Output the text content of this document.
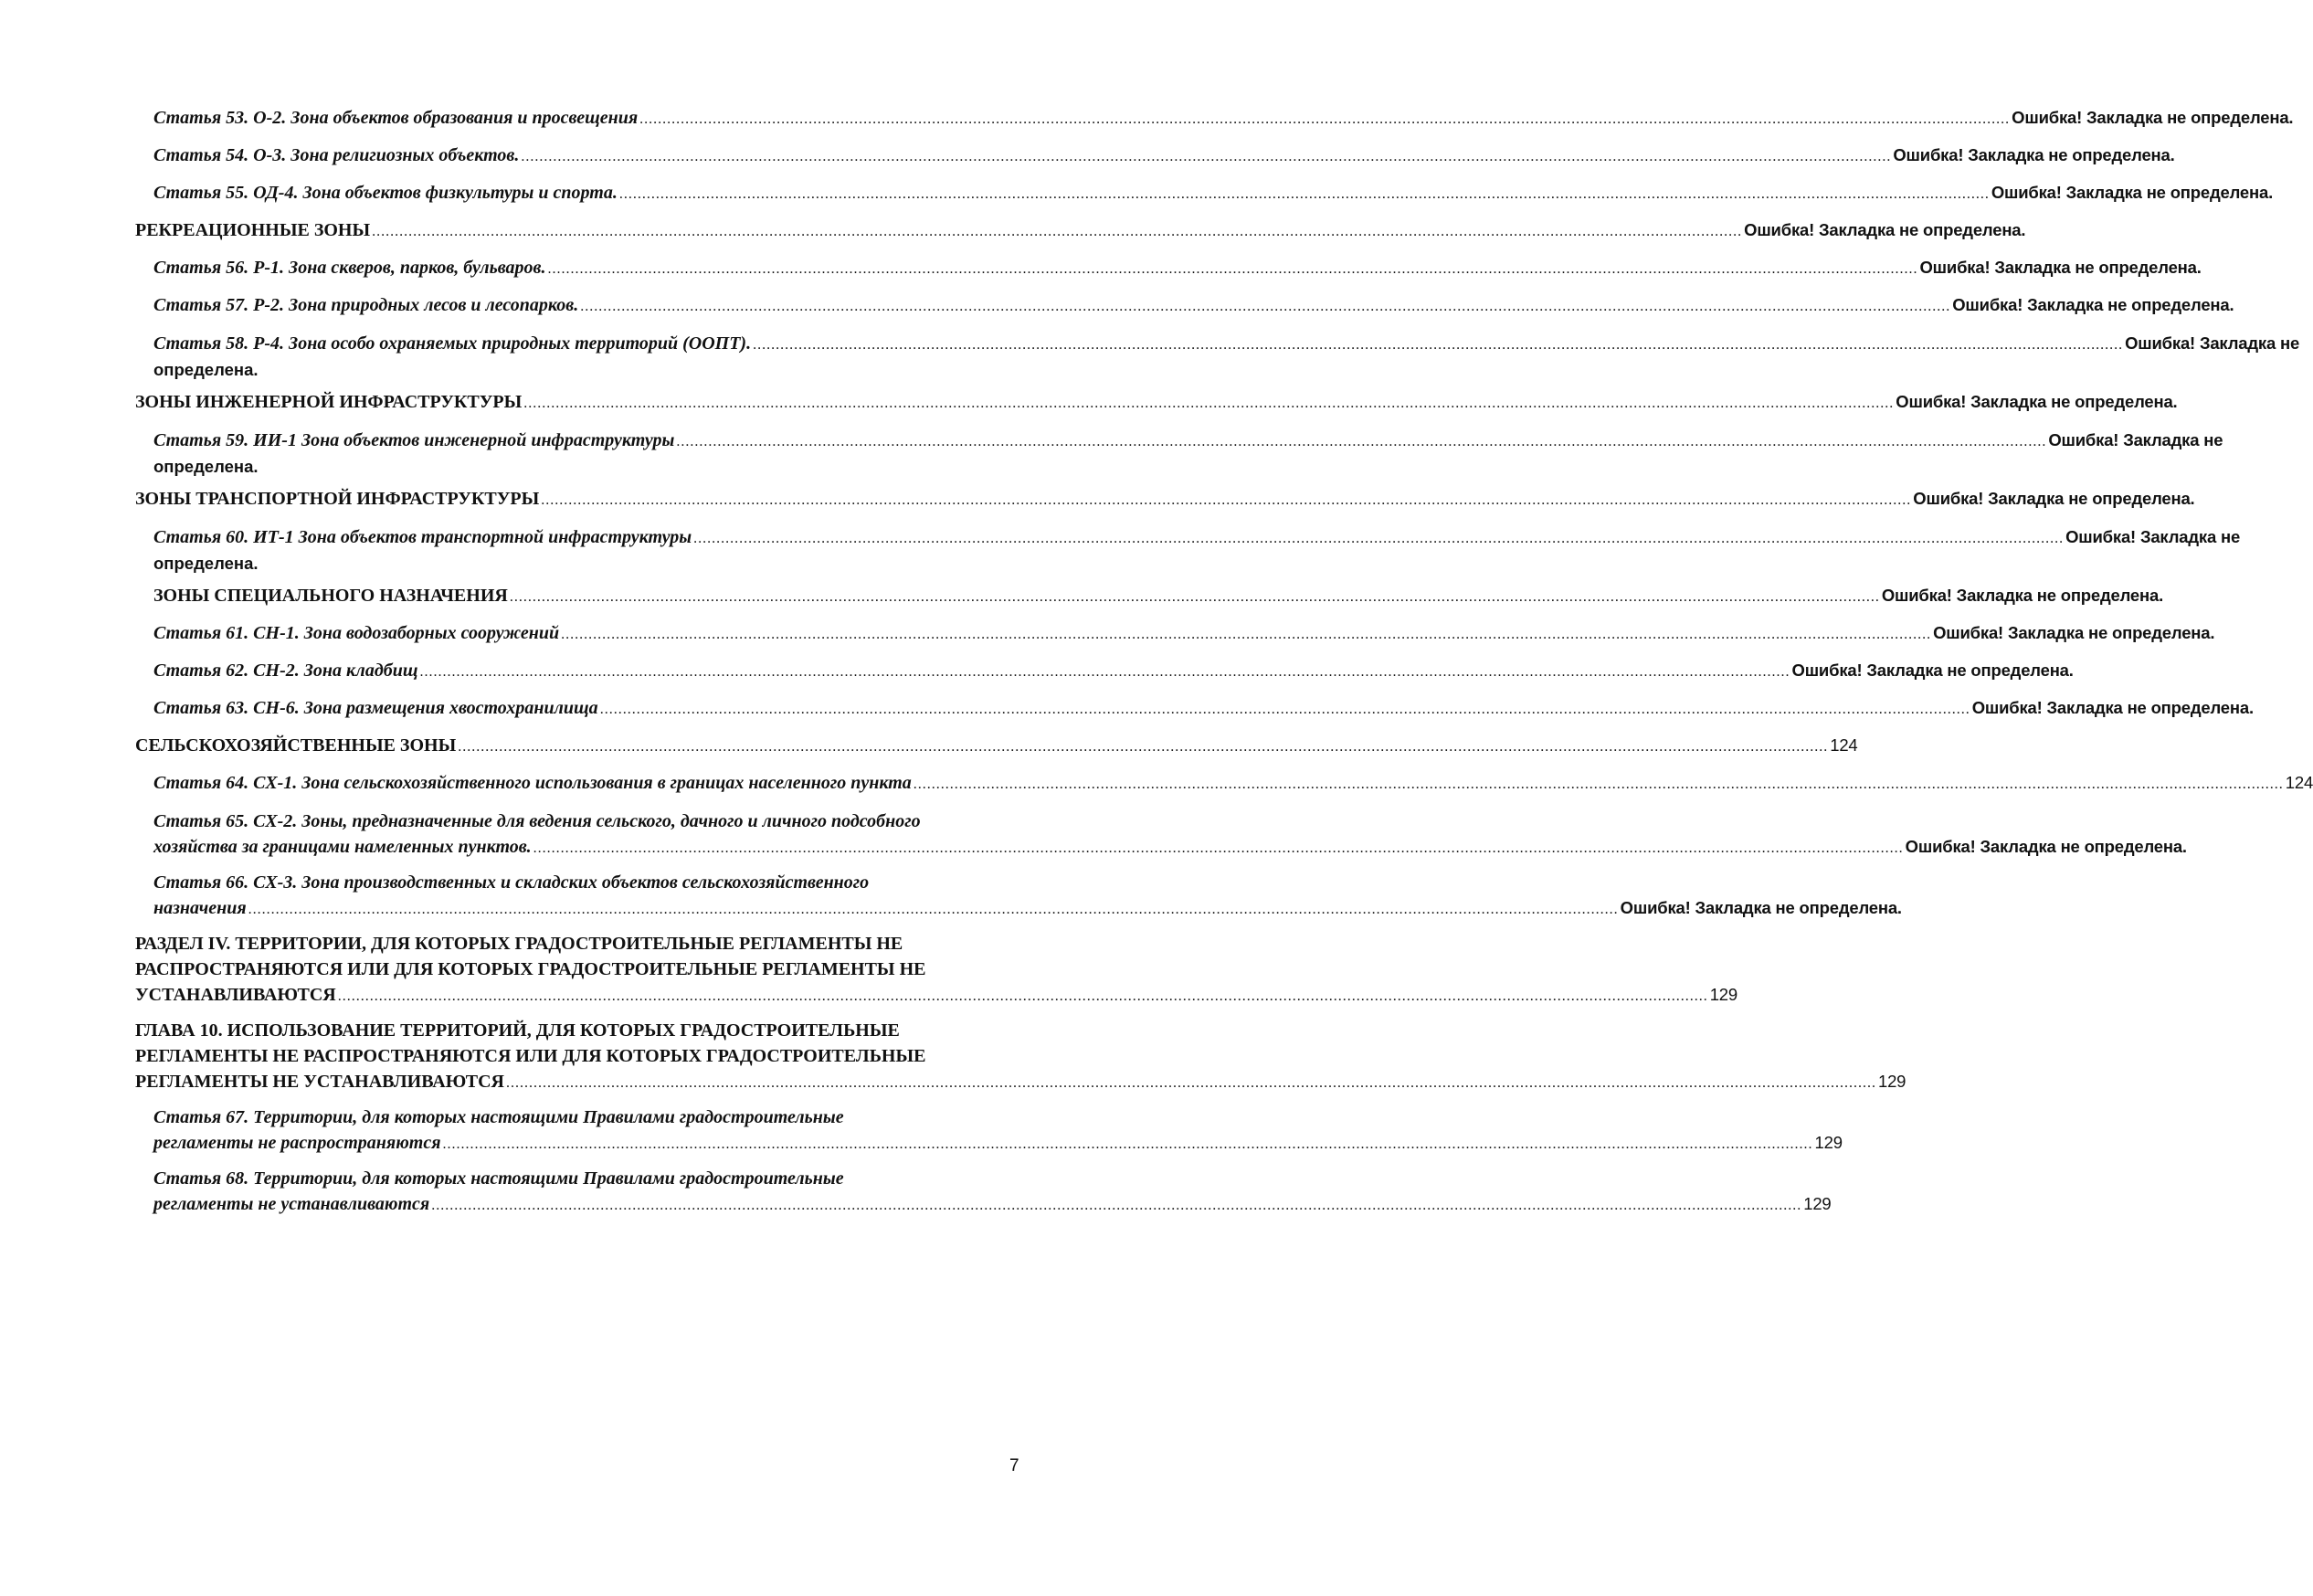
Статья 53. О-2. Зона объектов образования и просвещения ............................................................................................................................................................................................................................................................................................................ Ошибка! Закладка не определена.
Статья 54. О-3. Зона религиозных объектов. ............................................................................................................................................................................................................................................................................................................ Ошибка! Закладка не определена.
Статья 55. ОД-4. Зона объектов физкультуры и спорта. ............................................................................................................................................................................................................................................................................................................ Ошибка! Закладка не определена.
РЕКРЕАЦИОННЫЕ ЗОНЫ ............................................................................................................................................................................................................................................................................................................ Ошибка! Закладка не определена.
Статья 56. Р-1. Зона скверов, парков, бульваров. ............................................................................................................................................................................................................................................................................................................ Ошибка! Закладка не определена.
Статья 57. Р-2. Зона природных лесов и лесопарков. ............................................................................................................................................................................................................................................................................................................ Ошибка! Закладка не определена.
Статья 58. Р-4. Зона особо охраняемых природных территорий (ООПТ). ............................................................................................................................................................................................................................................................................................................ Ошибка! Закладка не
определена.
ЗОНЫ ИНЖЕНЕРНОЙ ИНФРАСТРУКТУРЫ ............................................................................................................................................................................................................................................................................................................ Ошибка! Закладка не определена.
Статья 59. ИИ-1 Зона объектов инженерной инфраструктуры ............................................................................................................................................................................................................................................................................................................ Ошибка! Закладка не
определена.
ЗОНЫ ТРАНСПОРТНОЙ ИНФРАСТРУКТУРЫ ............................................................................................................................................................................................................................................................................................................ Ошибка! Закладка не определена.
Статья 60. ИТ-1 Зона объектов транспортной инфраструктуры ............................................................................................................................................................................................................................................................................................................ Ошибка! Закладка не
определена.
ЗОНЫ СПЕЦИАЛЬНОГО НАЗНАЧЕНИЯ ............................................................................................................................................................................................................................................................................................................ Ошибка! Закладка не определена.
Статья 61. СН-1. Зона водозаборных сооружений ............................................................................................................................................................................................................................................................................................................ Ошибка! Закладка не определена.
Статья 62. СН-2. Зона кладбищ ............................................................................................................................................................................................................................................................................................................ Ошибка! Закладка не определена.
Статья 63. СН-6. Зона размещения хвостохранилища ............................................................................................................................................................................................................................................................................................................ Ошибка! Закладка не определена.
СЕЛЬСКОХОЗЯЙСТВЕННЫЕ ЗОНЫ ............................................................................................................................................................................................................................................................................................................ 124
Статья 64. СХ-1. Зона сельскохозяйственного использования в границах населенного пункта ............................................................................................................................................................................................................................................................................................................ 124
Статья 65. СХ-2. Зоны, предназначенные для ведения сельского, дачного и личного подсобного
хозяйства за границами намеленных пунктов. ............................................................................................................................................................................................................................................................................................................ Ошибка! Закладка не определена.
Статья 66. СХ-3. Зона производственных и складских объектов сельскохозяйственного
назначения ............................................................................................................................................................................................................................................................................................................ Ошибка! Закладка не определена.
РАЗДЕЛ IV. ТЕРРИТОРИИ, ДЛЯ КОТОРЫХ ГРАДОСТРОИТЕЛЬНЫЕ РЕГЛАМЕНТЫ НЕ
РАСПРОСТРАНЯЮТСЯ ИЛИ ДЛЯ КОТОРЫХ ГРАДОСТРОИТЕЛЬНЫЕ РЕГЛАМЕНТЫ НЕ
УСТАНАВЛИВАЮТСЯ ............................................................................................................................................................................................................................................................................................................ 129
ГЛАВА 10. ИСПОЛЬЗОВАНИЕ ТЕРРИТОРИЙ, ДЛЯ КОТОРЫХ ГРАДОСТРОИТЕЛЬНЫЕ
РЕГЛАМЕНТЫ НЕ РАСПРОСТРАНЯЮТСЯ ИЛИ ДЛЯ КОТОРЫХ ГРАДОСТРОИТЕЛЬНЫЕ
РЕГЛАМЕНТЫ НЕ УСТАНАВЛИВАЮТСЯ ............................................................................................................................................................................................................................................................................................................ 129
Статья 67. Территории, для которых настоящими Правилами градостроительные
регламенты не распространяются ............................................................................................................................................................................................................................................................................................................ 129
Статья 68. Территории, для которых настоящими Правилами градостроительные
регламенты не устанавливаются ............................................................................................................................................................................................................................................................................................................ 129
7
